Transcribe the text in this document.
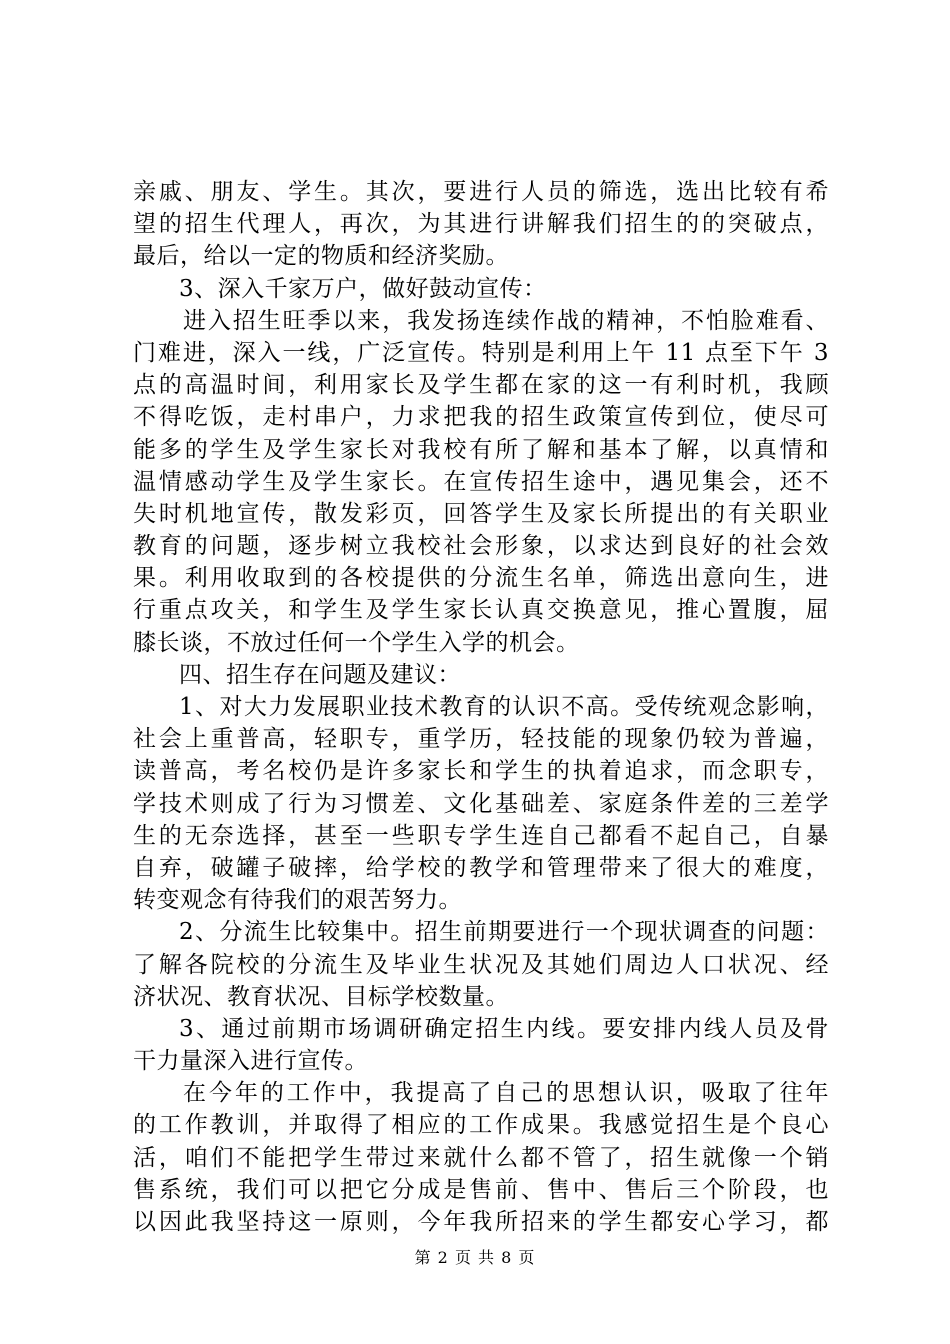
亲戚、朋友、学生。其次，要进行人员的筛选，选出比较有希
望的招生代理人，再次，为其进行讲解我们招生的的突破点，
最后，给以一定的物质和经济奖励。
3、深入千家万户，做好鼓动宣传：
进入招生旺季以来，我发扬连续作战的精神，不怕脸难看、
门难进，深入一线，广泛宣传。特别是利用上午 11 点至下午 3
点的高温时间，利用家长及学生都在家的这一有利时机，我顾
不得吃饭，走村串户，力求把我的招生政策宣传到位，使尽可
能多的学生及学生家长对我校有所了解和基本了解，以真情和
温情感动学生及学生家长。在宣传招生途中，遇见集会，还不
失时机地宣传，散发彩页，回答学生及家长所提出的有关职业
教育的问题，逐步树立我校社会形象，以求达到良好的社会效
果。利用收取到的各校提供的分流生名单，筛选出意向生，进
行重点攻关，和学生及学生家长认真交换意见，推心置腹，屈
膝长谈，不放过任何一个学生入学的机会。
四、招生存在问题及建议：
1、对大力发展职业技术教育的认识不高。受传统观念影响，
社会上重普高，轻职专，重学历，轻技能的现象仍较为普遍，
读普高，考名校仍是许多家长和学生的执着追求，而念职专，
学技术则成了行为习惯差、文化基础差、家庭条件差的三差学
生的无奈选择，甚至一些职专学生连自己都看不起自己，自暴
自弃，破罐子破摔，给学校的教学和管理带来了很大的难度，
转变观念有待我们的艰苦努力。
2、分流生比较集中。招生前期要进行一个现状调查的问题：
了解各院校的分流生及毕业生状况及其她们周边人口状况、经
济状况、教育状况、目标学校数量。
3、通过前期市场调研确定招生内线。要安排内线人员及骨
干力量深入进行宣传。
在今年的工作中，我提高了自己的思想认识，吸取了往年
的工作教训，并取得了相应的工作成果。我感觉招生是个良心
活，咱们不能把学生带过来就什么都不管了，招生就像一个销
售系统，我们可以把它分成是售前、售中、售后三个阶段，也
以因此我坚持这一原则，今年我所招来的学生都安心学习，都
第 2 页 共 8 页
